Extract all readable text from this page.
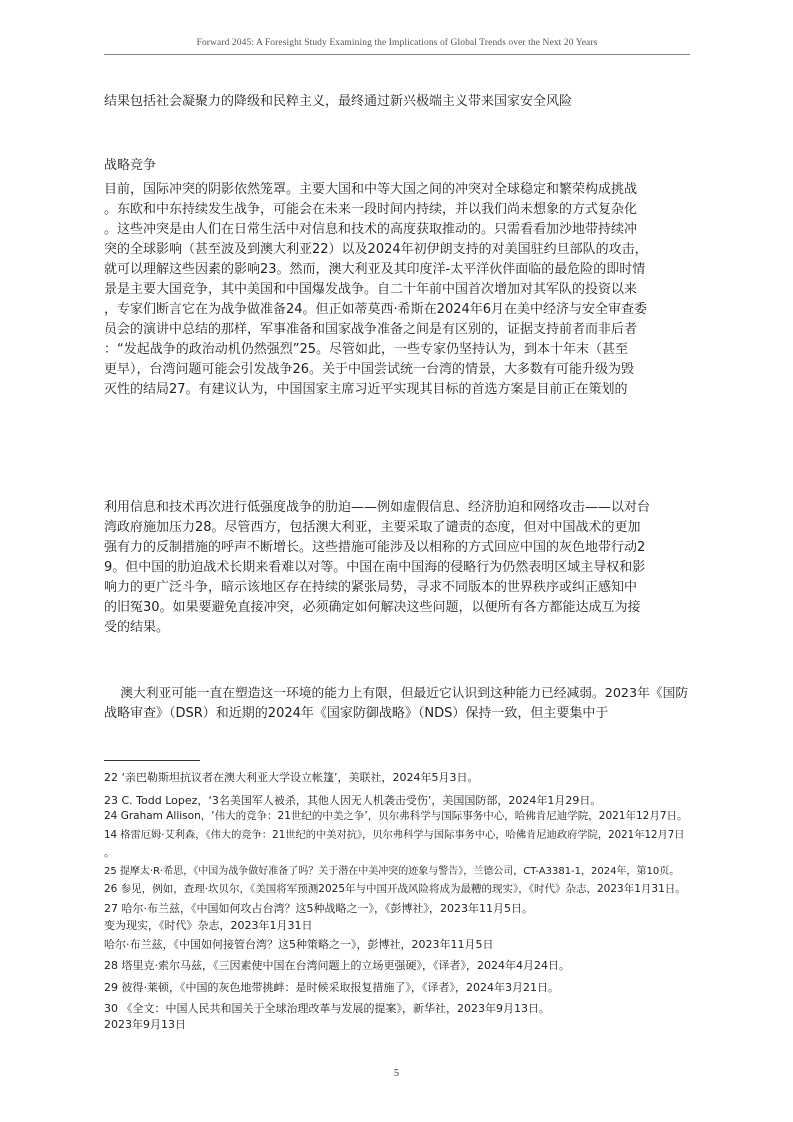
Forward 2045: A Foresight Study Examining the Implications of Global Trends over the Next 20 Years
结果包括社会凝聚力的降级和民粹主义，最终通过新兴极端主义带来国家安全风险
战略竞争
目前，国际冲突的阴影依然笼罩。主要大国和中等大国之间的冲突对全球稳定和繁荣构成挑战
。东欧和中东持续发生战争，可能会在未来一段时间内持续，并以我们尚未想象的方式复杂化
。这些冲突是由人们在日常生活中对信息和技术的高度获取推动的。只需看看加沙地带持续冲
突的全球影响（甚至波及到澳大利亚22）以及2024年初伊朗支持的对美国驻约旦部队的攻击，
就可以理解这些因素的影响23。然而，澳大利亚及其印度洋-太平洋伙伴面临的最危险的即时情
景是主要大国竞争，其中美国和中国爆发战争。自二十年前中国首次增加对其军队的投资以来
，专家们断言它在为战争做准备24。但正如蒂莫西·希斯在2024年6月在美中经济与安全审查委
员会的演讲中总结的那样，军事准备和国家战争准备之间是有区别的，证据支持前者而非后者
：“发起战争的政治动机仍然强烈”25。尽管如此，一些专家仍坚持认为，到本十年末（甚至
更早），台湾问题可能会引发战争26。关于中国尝试统一台湾的情景，大多数有可能升级为毁
灭性的结局27。有建议认为，中国国家主席习近平实现其目标的首选方案是目前正在策划的
利用信息和技术再次进行低强度战争的肋迫——例如虚假信息、经济肋迫和网络攻击——以对台
湾政府施加压力28。尽管西方，包括澳大利亚，主要采取了谴责的态度，但对中国战术的更加
强有力的反制措施的呼声不断增长。这些措施可能涉及以相称的方式回应中国的灰色地带行动2
9。但中国的肋迫战术长期来看难以对等。中国在南中国海的侵略行为仍然表明区域主导权和影
响力的更广泛斗争，暗示该地区存在持续的紧张局势，寻求不同版本的世界秩序或纠正感知中
的旧冤30。如果要避免直接冲突，必须确定如何解决这些问题，以便所有各方都能达成互为接
受的结果。
澳大利亚可能一直在塑造这一环境的能力上有限，但最近它认识到这种能力已经减弱。2023年《国防
战略审查》（DSR）和近期的2024年《国家防御战略》（NDS）保持一致，但主要集中于
22 ‘亲巴勒斯坦抗议者在澳大利亚大学设立帐篷’，美联社，2024年5月3日。
23 C. Todd Lopez，‘3名美国军人被杀，其他人因无人机袭击受伤’，美国国防部，2024年1月29日。
24 Graham Allison，‘伟大的竞争：21世纪的中美之争’，贝尔弗科学与国际事务中心，哈佛肯尼迪学院，2021年12月7日。
14 格雷厄姆·艾利森，《伟大的竞争：21世纪的中美对抗》，贝尔弗科学与国际事务中心，哈佛肯尼迪政府学院，2021年12月7日
。
25 提摩太·R·希思，《中国为战争做好准备了吗？关于潜在中美冲突的迹象与警告》，兰德公司，CT-A3381-1，2024年，第10页。
26 参见，例如，查理·坎贝尔，《美国将军预测2025年与中国开战风险将成为最糟的现实》，《时代》杂志，2023年1月31日。
27 哈尔·布兰兹，《中国如何攻占台湾？这5种战略之一》，《彭博社》，2023年11月5日。
变为现实，《时代》杂志，2023年1月31日
哈尔·布兰兹，《中国如何接管台湾？这5种策略之一》，彭博社，2023年11月5日
28 塔里克·索尔马兹，《三因素使中国在台湾问题上的立场更强硬》，《译者》，2024年4月24日。
29 彼得·莱顿，《中国的灰色地带挑衅：是时候采取报复措施了》，《译者》，2024年3月21日。
30 《全文：中国人民共和国关于全球治理改革与发展的提案》，新华社，2023年9月13日。
2023年9月13日
5
